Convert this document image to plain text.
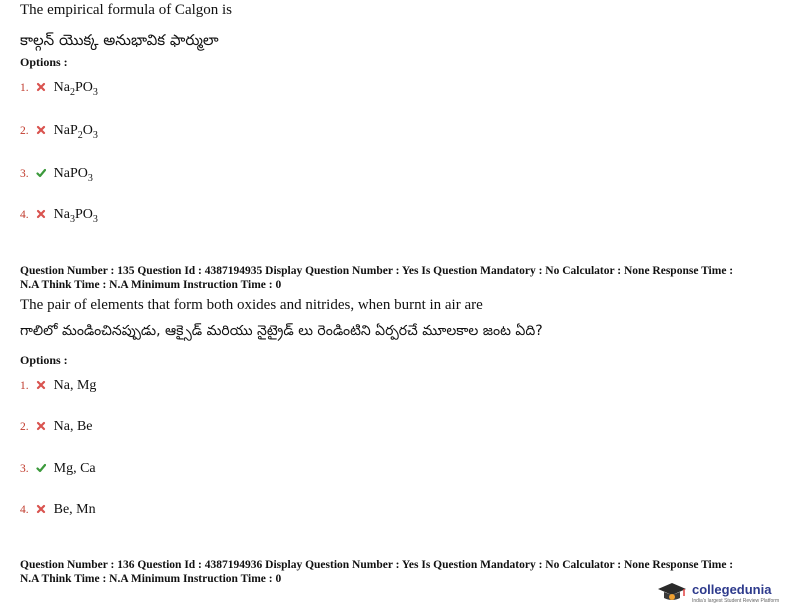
The empirical formula of Calgon is
కాల్గన్ యొక్క అనుభావిక ఫార్ములా
Options :
1. $Na_2PO_3$
2. $NaP_2O_3$
3. NaPO$_3$
4. $Na_3PO_3$
Question Number : 135 Question Id : 4387194935 Display Question Number : Yes Is Question Mandatory : No Calculator : None Response Time :
N.A Think Time : N.A Minimum Instruction Time : 0
The pair of elements that form both oxides and nitrides, when burnt in air are
గాలిలో మండించినప్పుడు, ఆక్సైడ్ మరియు నైట్రైడ్ లు రెండింటిని ఏర్పరచే మూలకాల జంట ఏది?
Options :
1. Na, Mg
2. Na, Be
3. Mg, Ca
4. Be, Mn
Question Number : 136 Question Id : 4387194936 Display Question Number : Yes Is Question Mandatory : No Calculator : None Response Time :
N.A Think Time : N.A Minimum Instruction Time : 0
collegedunia
India's largest Student Review Platform
